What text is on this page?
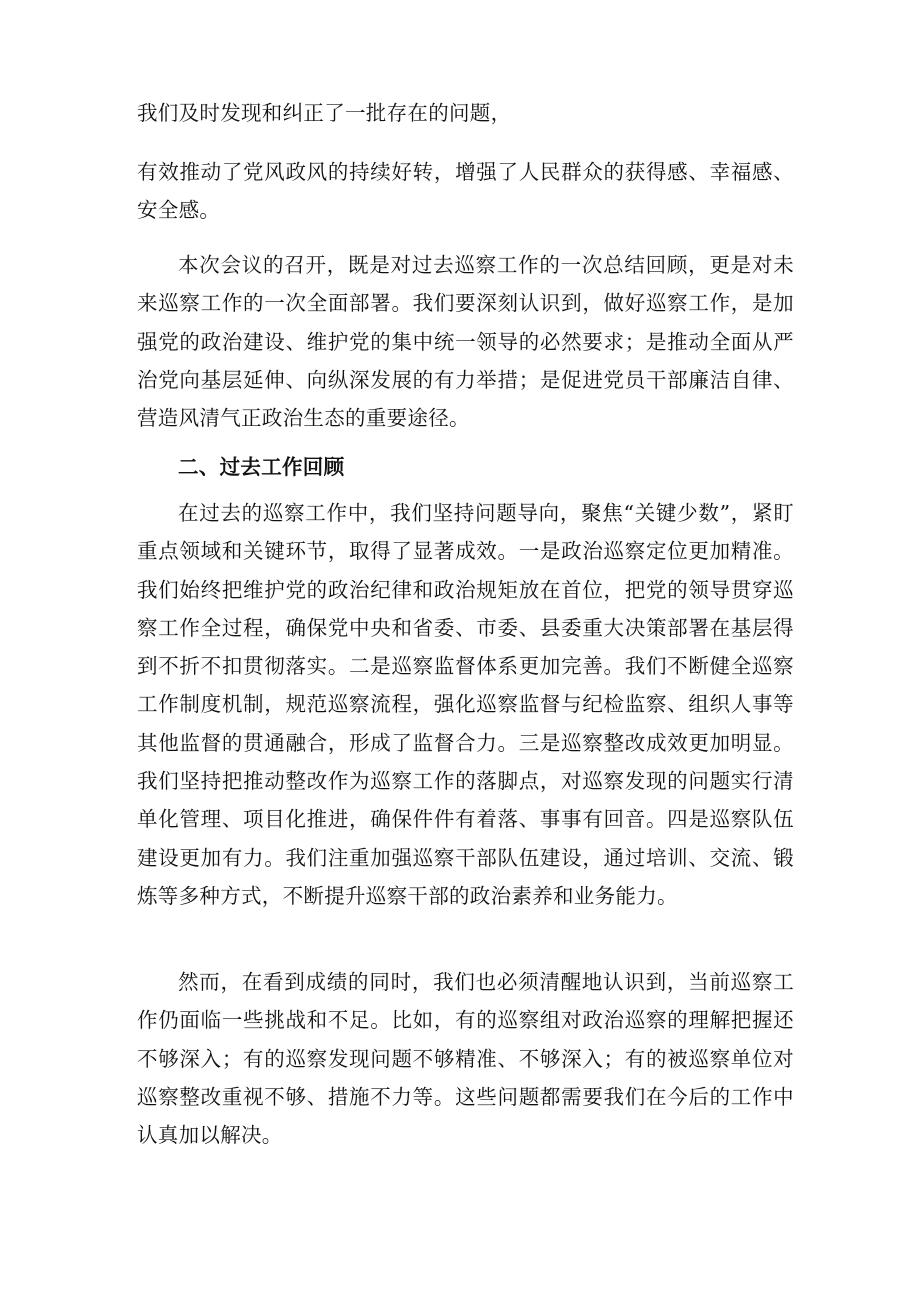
我们及时发现和纠正了一批存在的问题，

有效推动了党风政风的持续好转，增强了人民群众的获得感、幸福感、安全感。

本次会议的召开，既是对过去巡察工作的一次总结回顾，更是对未来巡察工作的一次全面部署。我们要深刻认识到，做好巡察工作，是加强党的政治建设、维护党的集中统一领导的必然要求；是推动全面从严治党向基层延伸、向纵深发展的有力举措；是促进党员干部廉洁自律、营造风清气正政治生态的重要途径。

二、过去工作回顾

在过去的巡察工作中，我们坚持问题导向，聚焦“关键少数”，紧盯重点领域和关键环节，取得了显著成效。一是政治巡察定位更加精准。我们始终把维护党的政治纪律和政治规矩放在首位，把党的领导贯穿巡察工作全过程，确保党中央和省委、市委、县委重大决策部署在基层得到不折不扣贯彻落实。二是巡察监督体系更加完善。我们不断健全巡察工作制度机制，规范巡察流程，强化巡察监督与纪检监察、组织人事等其他监督的贯通融合，形成了监督合力。三是巡察整改成效更加明显。我们坚持把推动整改作为巡察工作的落脚点，对巡察发现的问题实行清单化管理、项目化推进，确保件件有着落、事事有回音。四是巡察队伍建设更加有力。我们注重加强巡察干部队伍建设，通过培训、交流、锻炼等多种方式，不断提升巡察干部的政治素养和业务能力。

然而，在看到成绩的同时，我们也必须清醒地认识到，当前巡察工作仍面临一些挑战和不足。比如，有的巡察组对政治巡察的理解把握还不够深入；有的巡察发现问题不够精准、不够深入；有的被巡察单位对巡察整改重视不够、措施不力等。这些问题都需要我们在今后的工作中认真加以解决。
